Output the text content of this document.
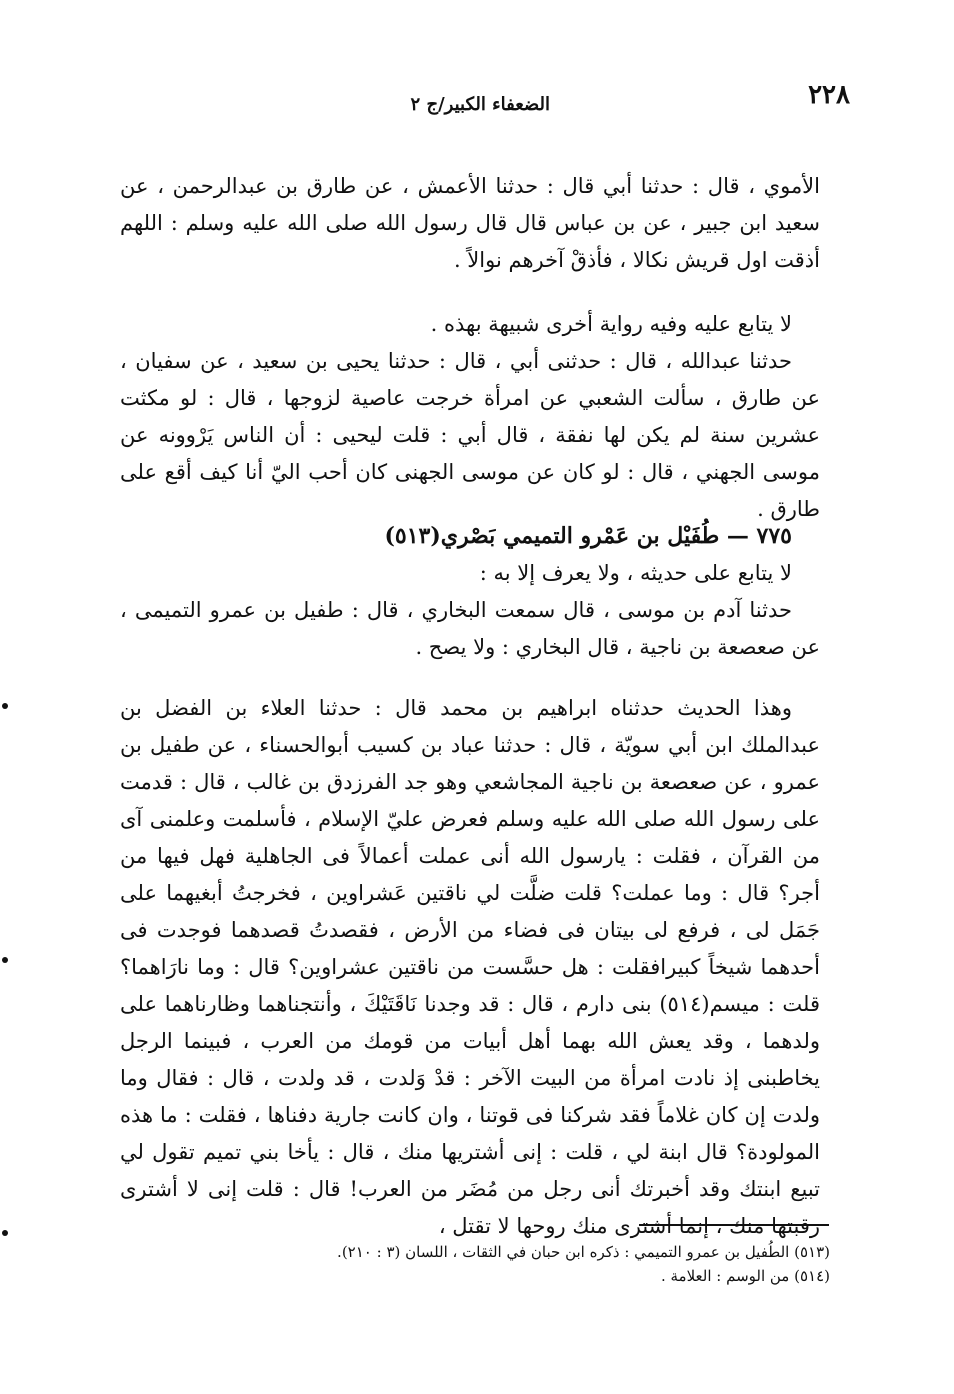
٢٢٨
الضعفاء الكبير/ج ٢

الأموي ، قال : حدثنا أبي قال : حدثنا الأعمش ، عن طارق بن عبدالرحمن ، عن سعيد ابن جبير ، عن بن عباس قال قال رسول الله صلى الله عليه وسلم : اللهم أذقت اول قريش نكالا ، فأذقْ آخرهم نوالاً .

لا يتابع عليه وفيه رواية أخرى شبيهة بهذه .

حدثنا عبدالله ، قال : حدثنى أبي ، قال : حدثنا يحيى بن سعيد ، عن سفيان ، عن طارق ، سألت الشعبي عن امرأة خرجت عاصية لزوجها ، قال : لو مكثت عشرين سنة لم يكن لها نفقة ، قال أبي : قلت ليحيى : أن الناس يَرْوونه عن موسى الجهني ، قال : لو كان عن موسى الجهنى كان أحب اليّ أنا كيف أقع على طارق .

٧٧٥ — طُفَيْل بن عَمْرو التميمي بَصْري(٥١٣)

لا يتابع على حديثه ، ولا يعرف إلا به :

حدثنا آدم بن موسى ، قال سمعت البخاري ، قال : طفيل بن عمرو التميمى ، عن صعصعة بن ناجية ، قال البخاري : ولا يصح .

وهذا الحديث حدثناه ابراهيم بن محمد قال : حدثنا العلاء بن الفضل بن عبدالملك ابن أبي سويّة ، قال : حدثنا عباد بن كسيب أبوالحسناء ، عن طفيل بن عمرو ، عن صعصعة بن ناجية المجاشعي وهو جد الفرزدق بن غالب ، قال : قدمت على رسول الله صلى الله عليه وسلم فعرض عليّ الإسلام ، فأسلمت وعلمنى آى من القرآن ، فقلت : يارسول الله أنى عملت أعمالاً فى الجاهلية فهل فيها من أجر؟ قال : وما عملت؟ قلت ضلَّت لي ناقتين عَشراوين ، فخرجتُ أبغيهما على جَمَل لى ، فرفع لى بيتان فى فضاء من الأرض ، فقصدتُ قصدهما فوجدت فى أحدهما شيخاً كبيرافقلت : هل حسَّست من ناقتين عشراوين؟ قال : وما نارَاهما؟ قلت : ميسم(٥١٤) بنى دارم ، قال : قد وجدنا نَاقَتَيْكَ ، وأنتجناهما وظارناهما على ولدهما ، وقد يعش الله بهما أهل أبيات من قومك من العرب ، فبينما الرجل يخاطبنى إذ نادت امرأة من البيت الآخر : قدْ وَلدت ، قد ولدت ، قال : فقال وما ولدت إن كان غلاماً فقد شركنا فى قوتنا ، وان كانت جارية دفناها ، فقلت : ما هذه المولودة؟ قال ابنة لي ، قلت : إنى أشتريها منك ، قال : يأخا بني تميم تقول لي تبيع ابنتك وقد أخبرتك أنى رجل من مُضَر من العرب! قال : قلت إنى لا أشترى رقبتها منك ، إنما أشترى منك روحها لا تقتل ،

(٥١٣) الطُفيل بن عمرو التميمي : ذكره ابن حبان في الثقات ، اللسان (٣ : ٢١٠).

(٥١٤) من الوسم : العلامة .
